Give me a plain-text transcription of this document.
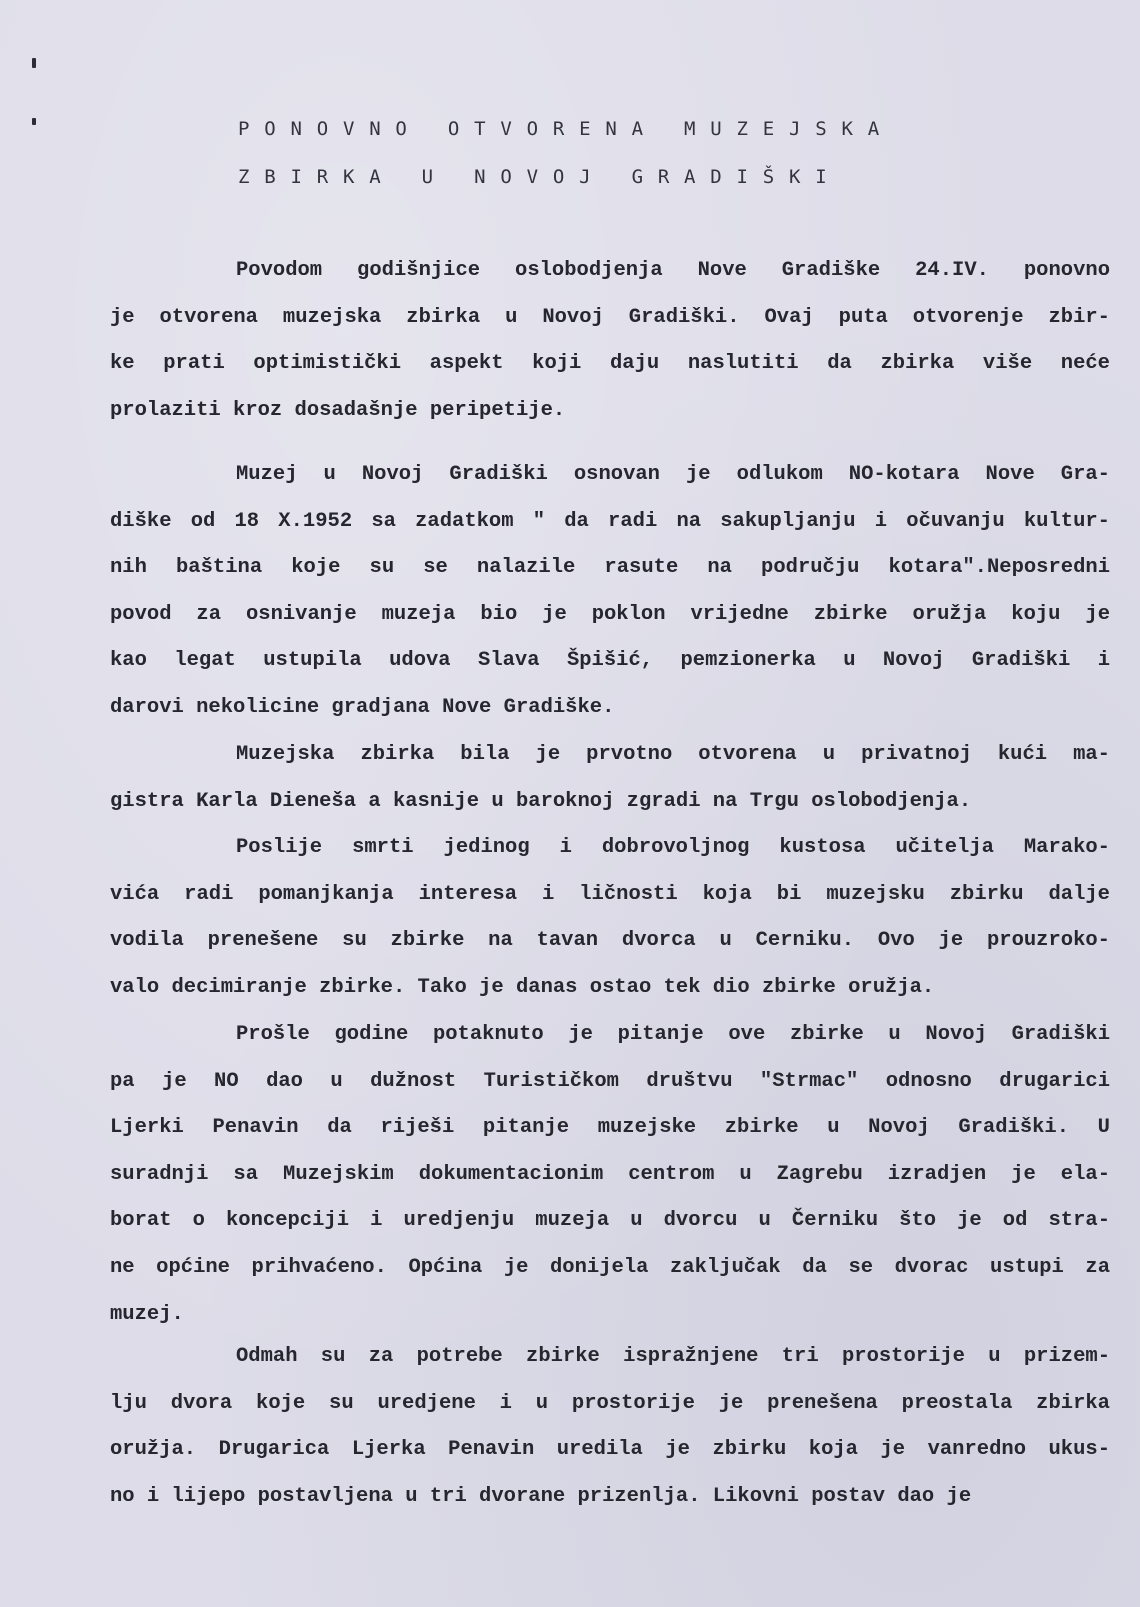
PONOVNO OTVORENA MUZEJSKA
ZBIRKA U NOVOJ GRADIŠKI
Povodom godišnjice oslobodjenja Nove Gradiške 24.IV. ponovno
je otvorena muzejska zbirka u Novoj Gradiški. Ovaj puta otvorenje zbir-
ke prati optimistički aspekt koji daju naslutiti da zbirka više neće
prolaziti kroz dosadašnje peripetije.
Muzej u Novoj Gradiški osnovan je odlukom NO-kotara Nove Gra-
diške od 18 X.1952 sa zadatkom " da radi na sakupljanju i očuvanju kultur-
nih baština koje su se nalazile rasute na području kotara".Neposredni
povod za osnivanje muzeja bio je poklon vrijedne zbirke oružja koju je
kao legat ustupila udova Slava Špišić, pemzionerka u Novoj Gradiški i
darovi nekolicine gradjana Nove Gradiške.
Muzejska zbirka bila je prvotno otvorena u privatnoj kući ma-
gistra Karla Dieneša a kasnije u baroknoj zgradi na Trgu oslobodjenja.
Poslije smrti jedinog i dobrovoljnog kustosa učitelja Marako-
vića radi pomanjkanja interesa i ličnosti koja bi muzejsku zbirku dalje
vodila prenešene su zbirke na tavan dvorca u Cerniku. Ovo je prouzroko-
valo decimiranje zbirke. Tako je danas ostao tek dio zbirke oružja.
Prošle godine potaknuto je pitanje ove zbirke u Novoj Gradiški
pa je NO dao u dužnost Turističkom društvu "Strmac" odnosno drugarici
Ljerki Penavin da riješi pitanje muzejske zbirke u Novoj Gradiški. U
suradnji sa Muzejskim dokumentacionim centrom u Zagrebu izradjen je ela-
borat o koncepciji i uredjenju muzeja u dvorcu u Černiku što je od stra-
ne općine prihvaćeno. Općina je donijela zaključak da se dvorac ustupi za
muzej.
Odmah su za potrebe zbirke ispražnjene tri prostorije u prizem-
lju dvora koje su uredjene i u prostorije je prenešena preostala zbirka
oružja. Drugarica Ljerka Penavin uredila je zbirku koja je vanredno ukus-
no i lijepo postavljena u tri dvorane prizenlja. Likovni postav dao je
